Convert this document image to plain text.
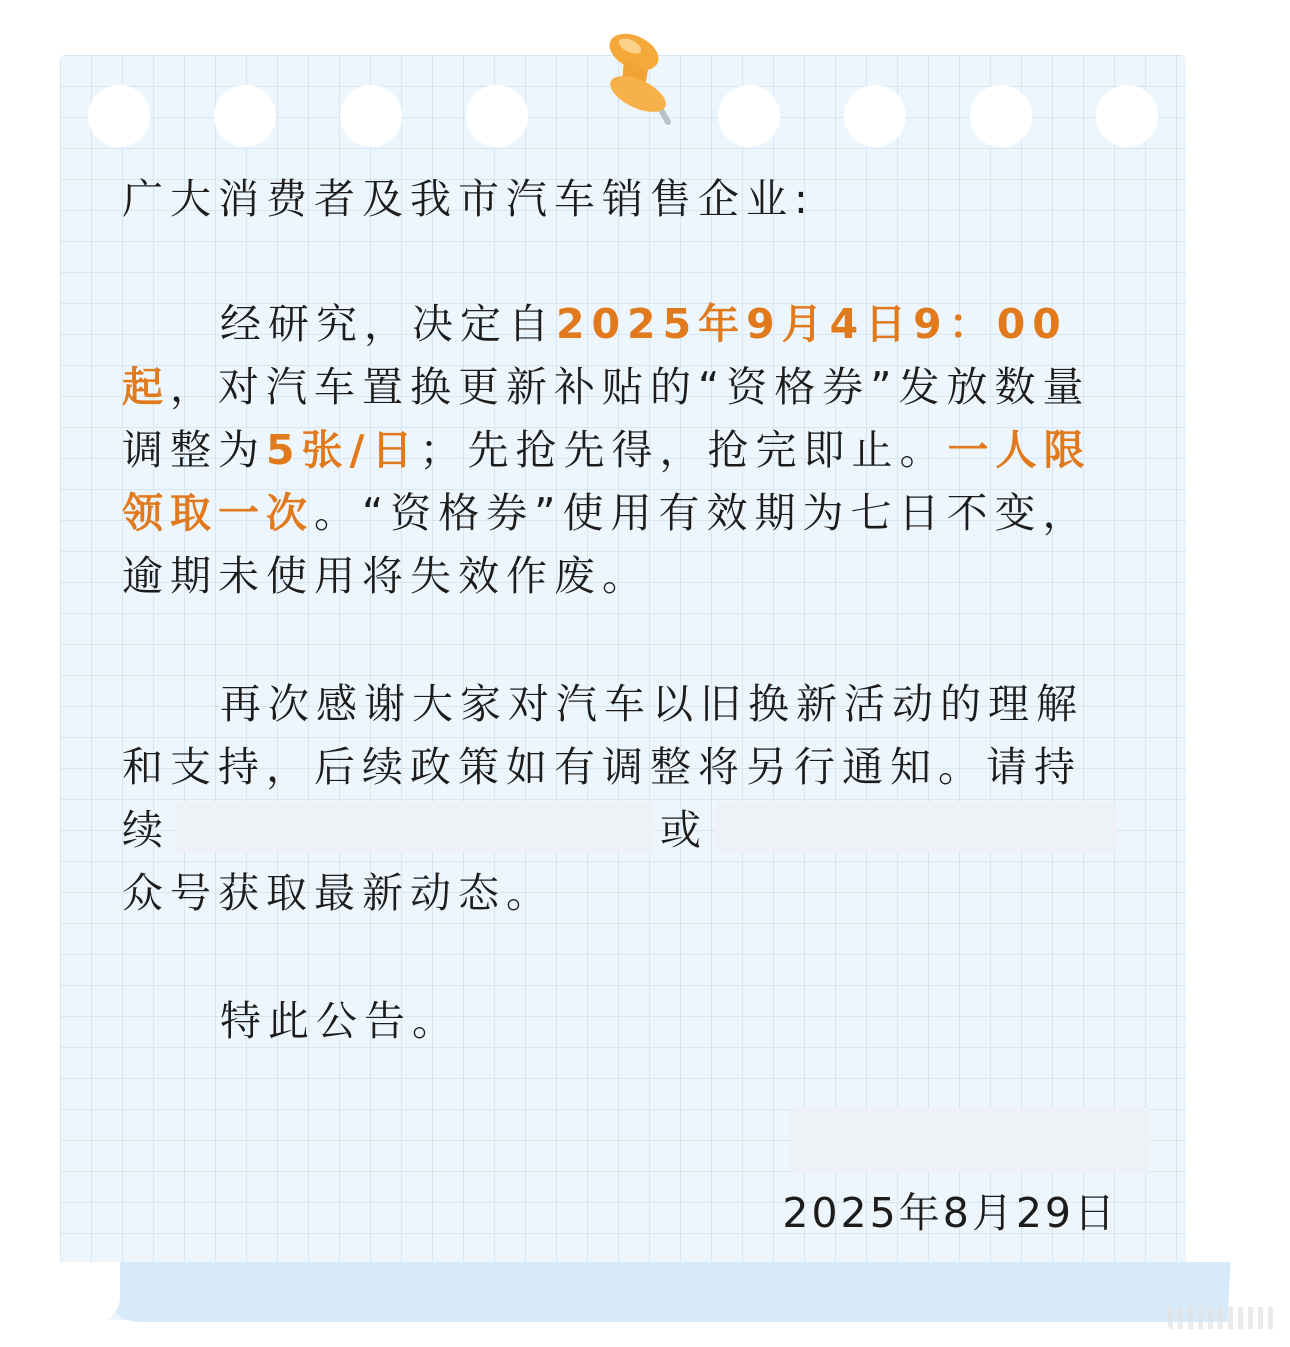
广大消费者及我市汽车销售企业:

经研究，决定自2025年9月4日9：00起，对汽车置换更新补贴的“资格券”发放数量调整为5张/日；先抢先得，抢完即止。一人限领取一次。“资格券”使用有效期为七日不变，逾期未使用将失效作废。

再次感谢大家对汽车以旧换新活动的理解和支持，后续政策如有调整将另行通知。请持

续	或

众号获取最新动态。

特此公告。

2025年8月29日
